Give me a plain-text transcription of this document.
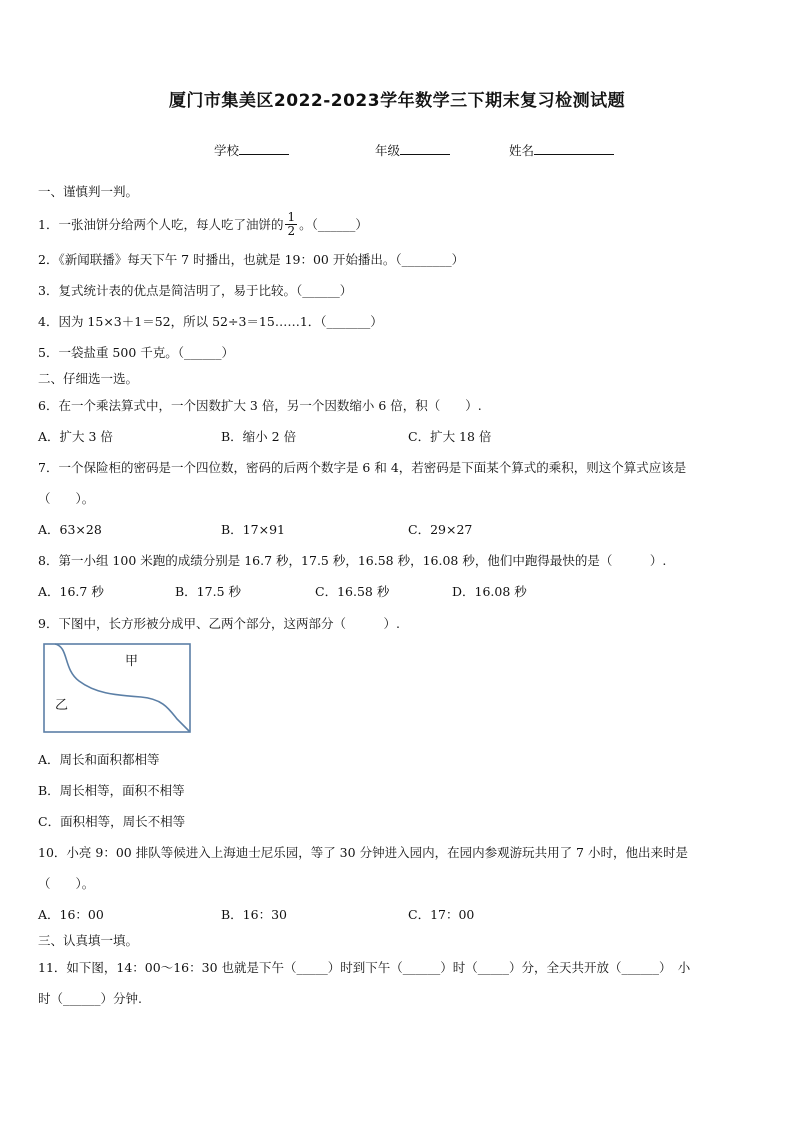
厦门市集美区2022-2023学年数学三下期末复习检测试题
学校	年级	姓名
一、谨慎判一判。
1．一张油饼分给两个人吃，每人吃了油饼的 $\frac{1}{2}$ 。（______）
2．《新闻联播》每天下午 7 时播出，也就是 19：00 开始播出。（________）
3．复式统计表的优点是简洁明了，易于比较。（______）
4．因为 15×3＋1＝52，所以 52÷3＝15……1．（_______）
5．一袋盐重 500 千克。（______）
二、仔细选一选。
6．在一个乘法算式中，一个因数扩大 3 倍，另一个因数缩小 6 倍，积（　　）.
A．扩大 3 倍	B．缩小 2 倍	C．扩大 18 倍
7．一个保险柜的密码是一个四位数，密码的后两个数字是 6 和 4，若密码是下面某个算式的乘积，则这个算式应该是
（　　）。
A．63×28	B．17×91	C．29×27
8．第一小组 100 米跑的成绩分别是 16.7 秒，17.5 秒，16.58 秒，16.08 秒，他们中跑得最快的是（　　　）.
A．16.7 秒	B．17.5 秒	C．16.58 秒	D．16.08 秒
9．下图中，长方形被分成甲、乙两个部分，这两部分（　　　）.
甲
乙
A．周长和面积都相等
B．周长相等，面积不相等
C．面积相等，周长不相等
10．小亮 9：00 排队等候进入上海迪士尼乐园，等了 30 分钟进入园内，在园内参观游玩共用了 7 小时，他出来时是
（　　）。
A．16：00	B．16：30	C．17：00
三、认真填一填。
11．如下图，14：00～16：30 也就是下午（_____）时到下午（______）时（_____）分，全天共开放（______）　小
时（______）分钟.
